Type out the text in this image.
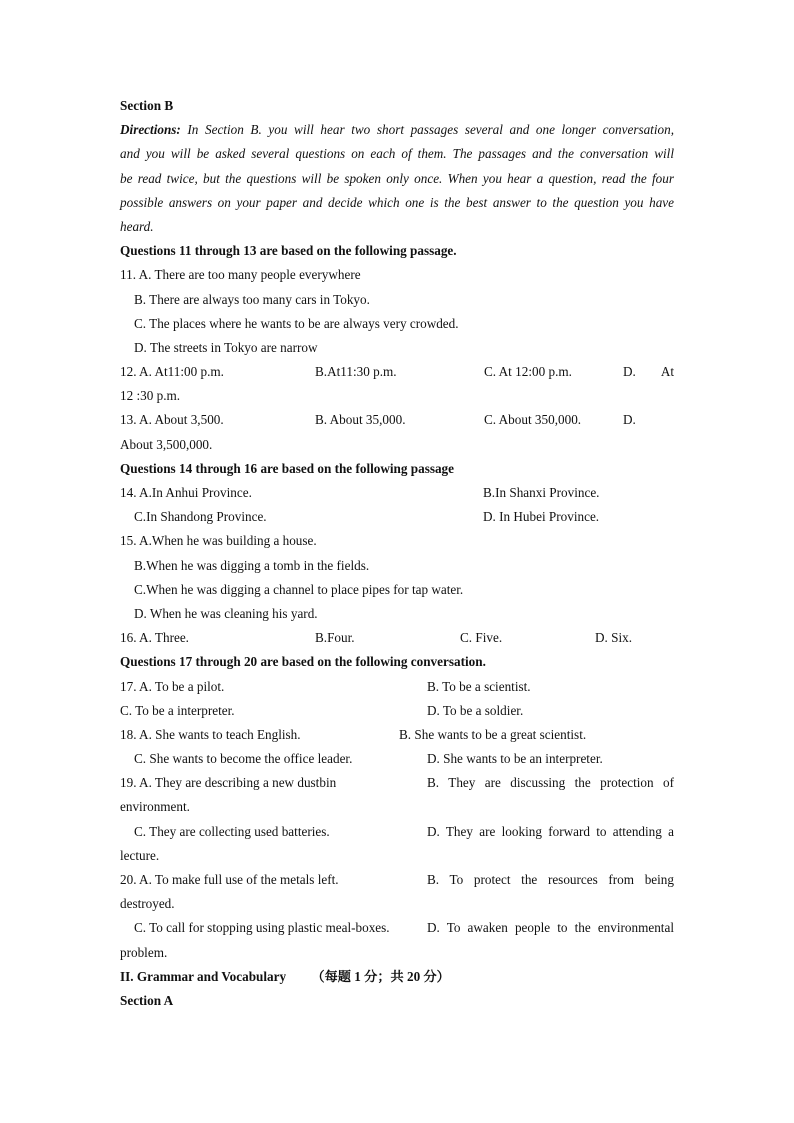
Section B
Directions: In Section B. you will hear two short passages several and one longer conversation,
and you will be asked several questions on each of them. The passages and the conversation will
be read twice, but the questions will be spoken only once. When you hear a question, read the four
possible answers on your paper and decide which one is the best answer to the question you have
heard.
Questions 11 through 13 are based on the following passage.
11. A. There are too many people everywhere
B. There are always too many cars in Tokyo.
C. The places where he wants to be are always very crowded.
D. The streets in Tokyo are narrow
12. A. At11:00 p.m.	B.At11:30 p.m.	C. At 12:00 p.m.	D. At
12 :30 p.m.
13. A. About 3,500.	B. About 35,000.	C. About 350,000.	D.
About 3,500,000.
Questions 14 through 16 are based on the following passage
14. A.In Anhui Province.	B.In Shanxi Province.
C.In Shandong Province.	D. In Hubei Province.
15. A.When he was building a house.
B.When he was digging a tomb in the fields.
C.When he was digging a channel to place pipes for tap water.
D. When he was cleaning his yard.
16. A. Three.	B.Four.	C. Five.	D. Six.
Questions 17 through 20 are based on the following conversation.
17. A. To be a pilot.	B. To be a scientist.
C. To be a interpreter.	D. To be a soldier.
18. A. She wants to teach English.	B. She wants to be a great scientist.
C. She wants to become the office leader.	D. She wants to be an interpreter.
19. A. They are describing a new dustbin	B. They are discussing the protection of
environment.
C. They are collecting used batteries.	D. They are looking forward to attending a
lecture.
20. A. To make full use of the metals left.	B. To protect the resources from being
destroyed.
C. To call for stopping using plastic meal-boxes.	D. To awaken people to the environmental
problem.
II. Grammar and Vocabulary （每题 1 分；共 20 分）
Section A
